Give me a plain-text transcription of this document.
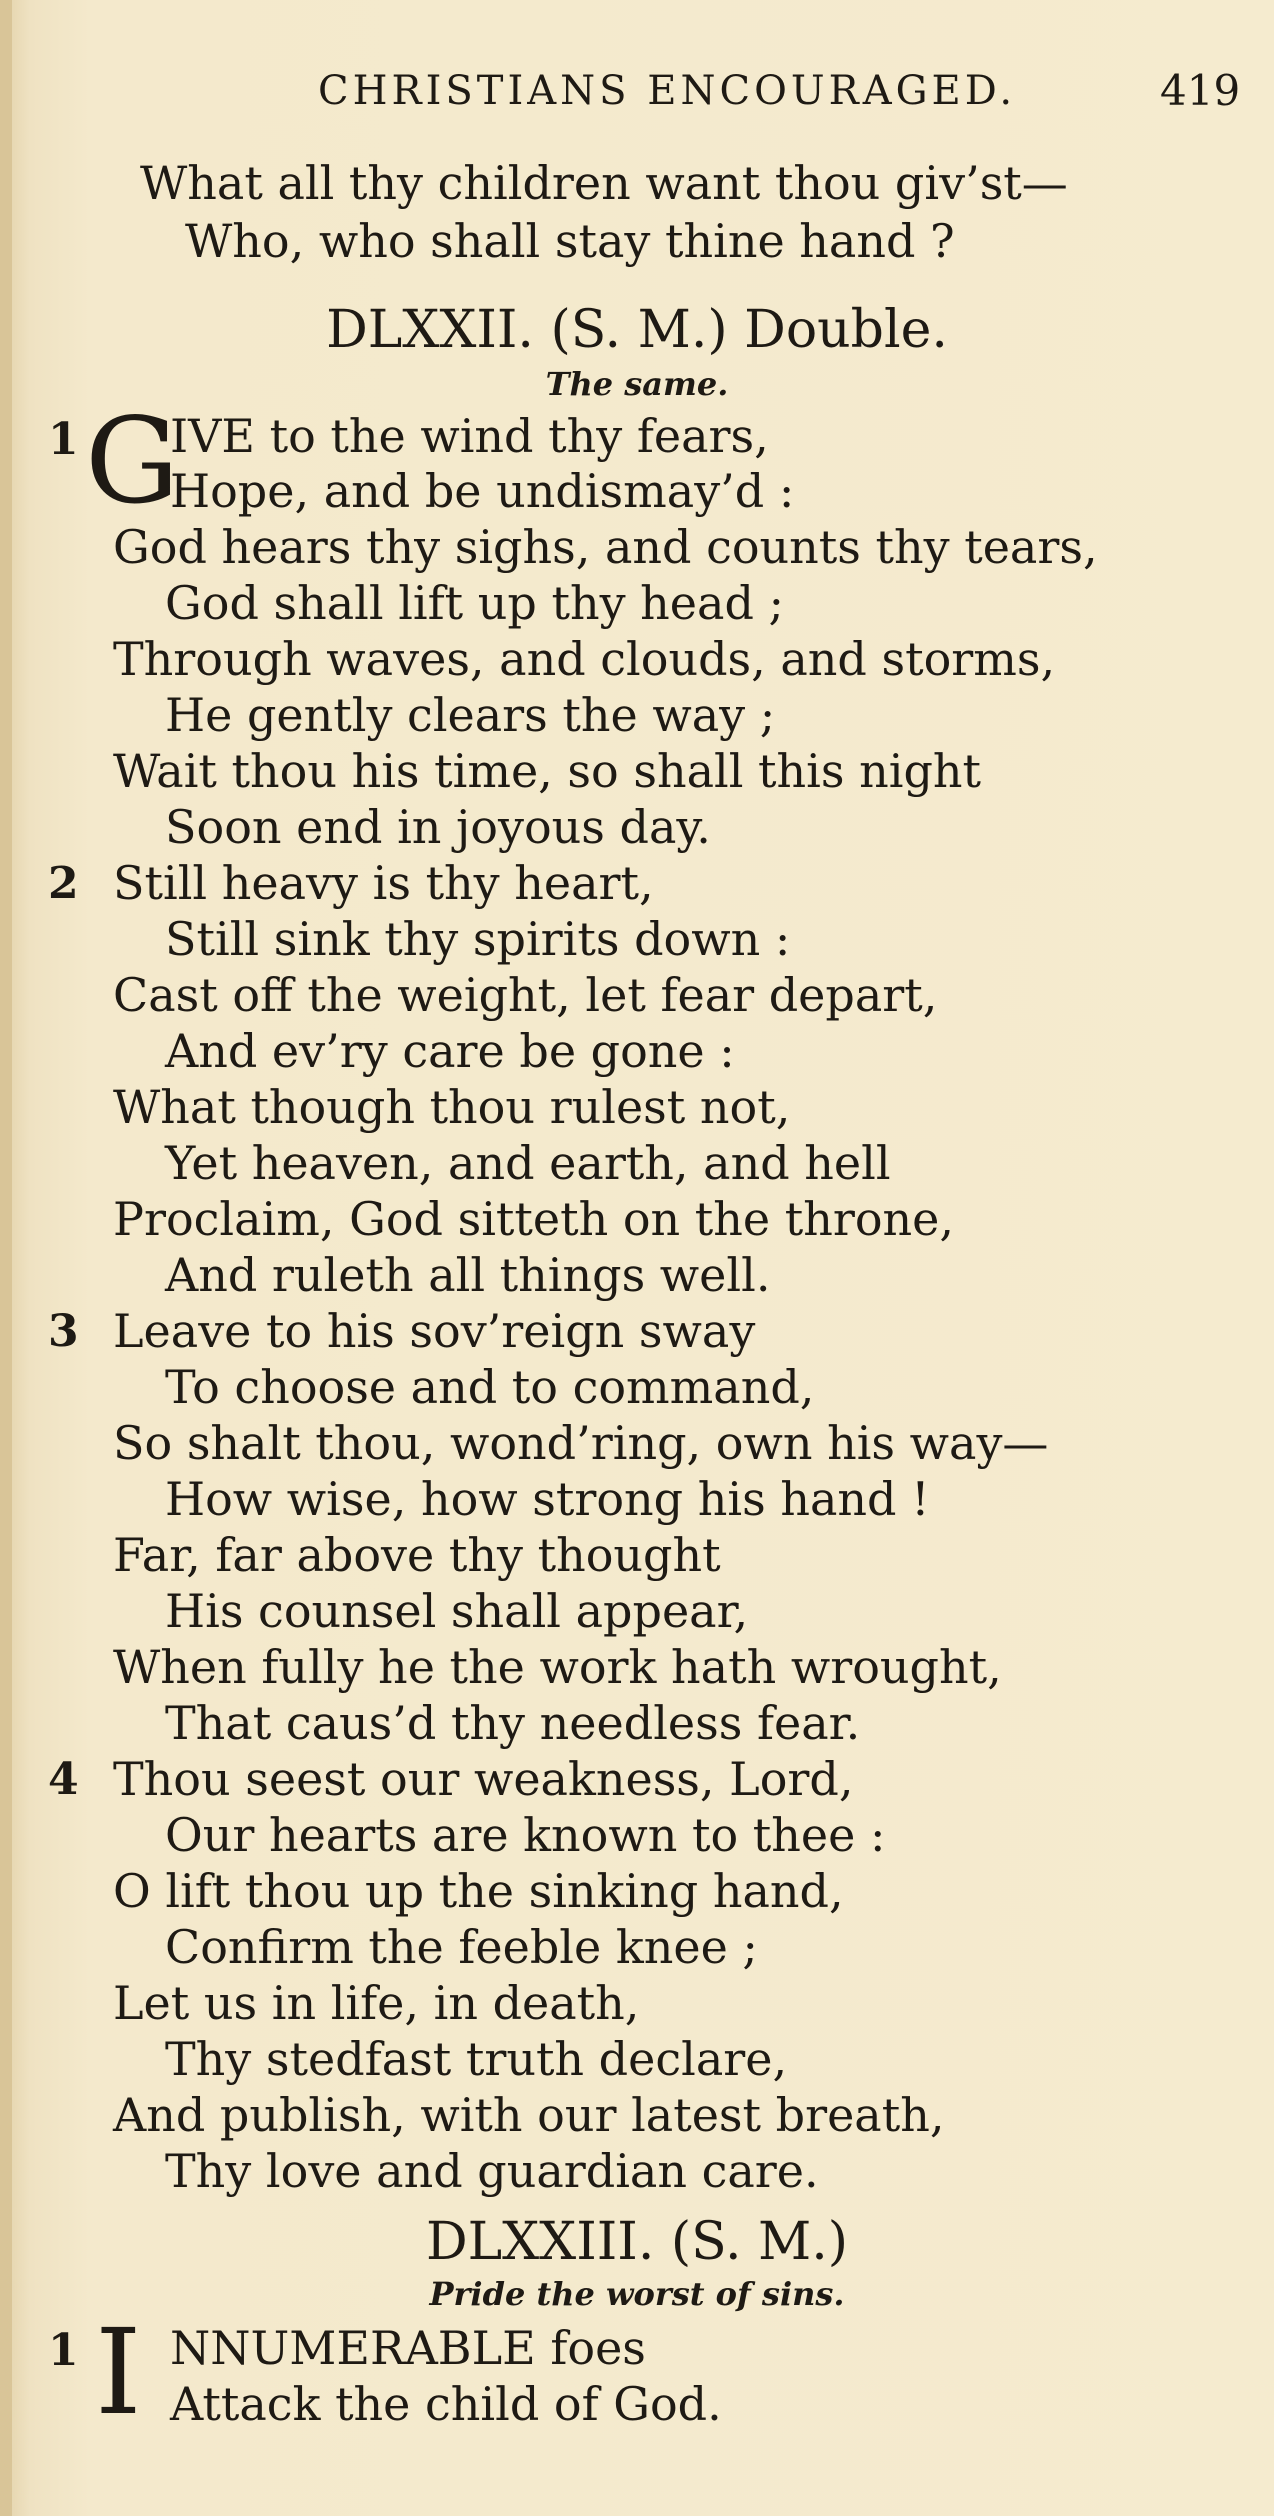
CHRISTIANS ENCOURAGED.	419
What all thy children want thou giv’st—
Who, who shall stay thine hand ?
DLXXII. (S. M.) Double.
The same.
1 G
IVE to the wind thy fears,
Hope, and be undismay’d :
God hears thy sighs, and counts thy tears,
God shall lift up thy head ;
Through waves, and clouds, and storms,
He gently clears the way ;
Wait thou his time, so shall this night
Soon end in joyous day.
2 Still heavy is thy heart,
Still sink thy spirits down :
Cast off the weight, let fear depart,
And ev’ry care be gone :
What though thou rulest not,
Yet heaven, and earth, and hell
Proclaim, God sitteth on the throne,
And ruleth all things well.
3 Leave to his sov’reign sway
To choose and to command,
So shalt thou, wond’ring, own his way—
How wise, how strong his hand !
Far, far above thy thought
His counsel shall appear,
When fully he the work hath wrought,
That caus’d thy needless fear.
4 Thou seest our weakness, Lord,
Our hearts are known to thee :
O lift thou up the sinking hand,
Confirm the feeble knee ;
Let us in life, in death,
Thy stedfast truth declare,
And publish, with our latest breath,
Thy love and guardian care.
DLXXIII. (S. M.)
Pride the worst of sins.
1 I NNUMERABLE foes
Attack the child of God.
